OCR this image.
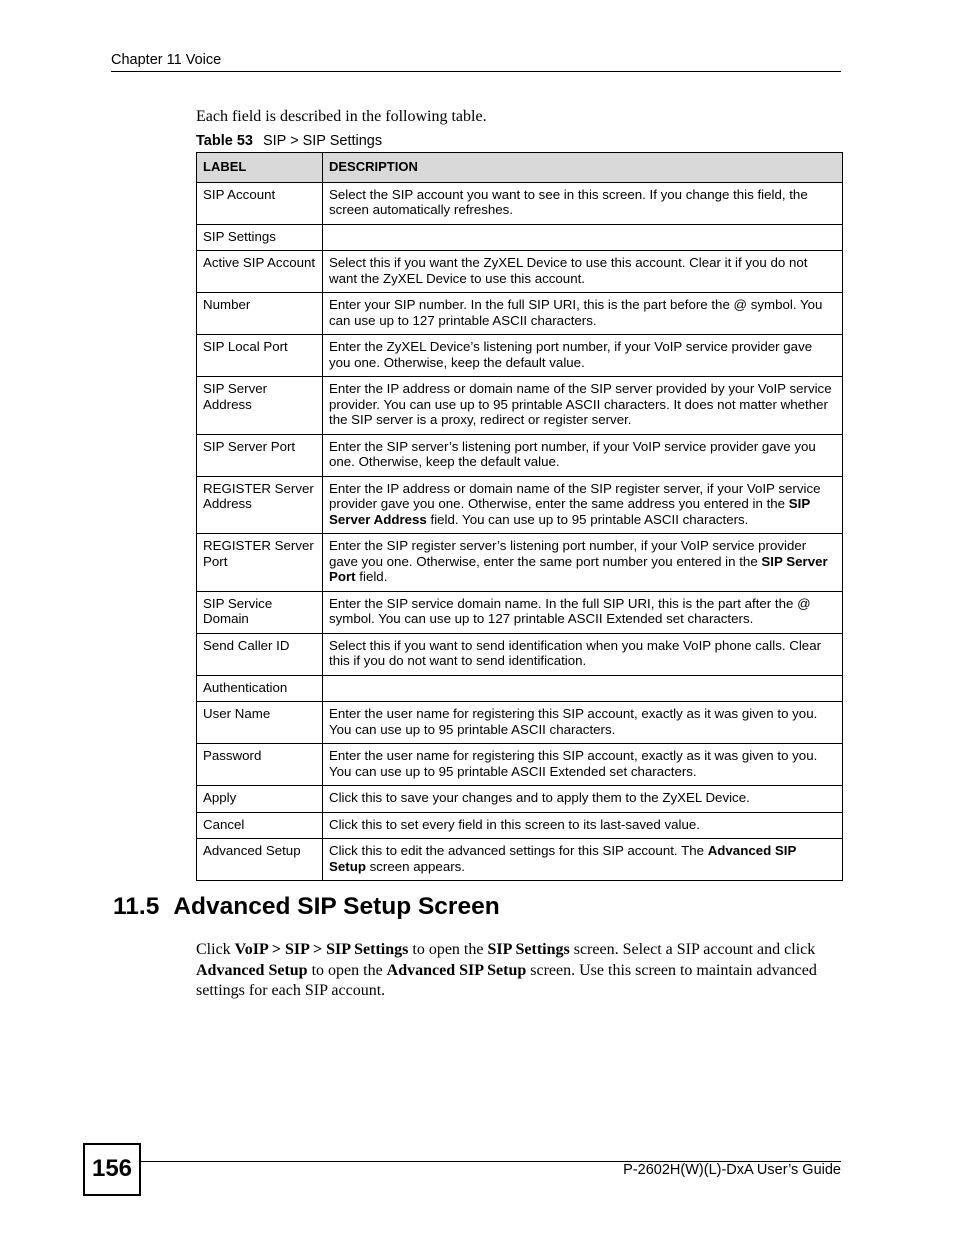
Chapter 11 Voice
Each field is described in the following table.
Table 53 SIP > SIP Settings
LABEL	DESCRIPTION
SIP Account	Select the SIP account you want to see in this screen. If you change this field, the screen automatically refreshes.
SIP Settings	
Active SIP Account	Select this if you want the ZyXEL Device to use this account. Clear it if you do not want the ZyXEL Device to use this account.
Number	Enter your SIP number. In the full SIP URI, this is the part before the @ symbol. You can use up to 127 printable ASCII characters.
SIP Local Port	Enter the ZyXEL Device’s listening port number, if your VoIP service provider gave you one. Otherwise, keep the default value.
SIP Server Address	Enter the IP address or domain name of the SIP server provided by your VoIP service provider. You can use up to 95 printable ASCII characters. It does not matter whether the SIP server is a proxy, redirect or register server.
SIP Server Port	Enter the SIP server’s listening port number, if your VoIP service provider gave you one. Otherwise, keep the default value.
REGISTER Server Address	Enter the IP address or domain name of the SIP register server, if your VoIP service provider gave you one. Otherwise, enter the same address you entered in the SIP Server Address field. You can use up to 95 printable ASCII characters.
REGISTER Server Port	Enter the SIP register server’s listening port number, if your VoIP service provider gave you one. Otherwise, enter the same port number you entered in the SIP Server Port field.
SIP Service Domain	Enter the SIP service domain name. In the full SIP URI, this is the part after the @ symbol. You can use up to 127 printable ASCII Extended set characters.
Send Caller ID	Select this if you want to send identification when you make VoIP phone calls. Clear this if you do not want to send identification.
Authentication	
User Name	Enter the user name for registering this SIP account, exactly as it was given to you. You can use up to 95 printable ASCII characters.
Password	Enter the user name for registering this SIP account, exactly as it was given to you. You can use up to 95 printable ASCII Extended set characters.
Apply	Click this to save your changes and to apply them to the ZyXEL Device.
Cancel	Click this to set every field in this screen to its last-saved value.
Advanced Setup	Click this to edit the advanced settings for this SIP account. The Advanced SIP Setup screen appears.
11.5 Advanced SIP Setup Screen

Click VoIP > SIP > SIP Settings to open the SIP Settings screen. Select a SIP account and click Advanced Setup to open the Advanced SIP Setup screen. Use this screen to maintain advanced settings for each SIP account.

156	P-2602H(W)(L)-DxA User’s Guide
